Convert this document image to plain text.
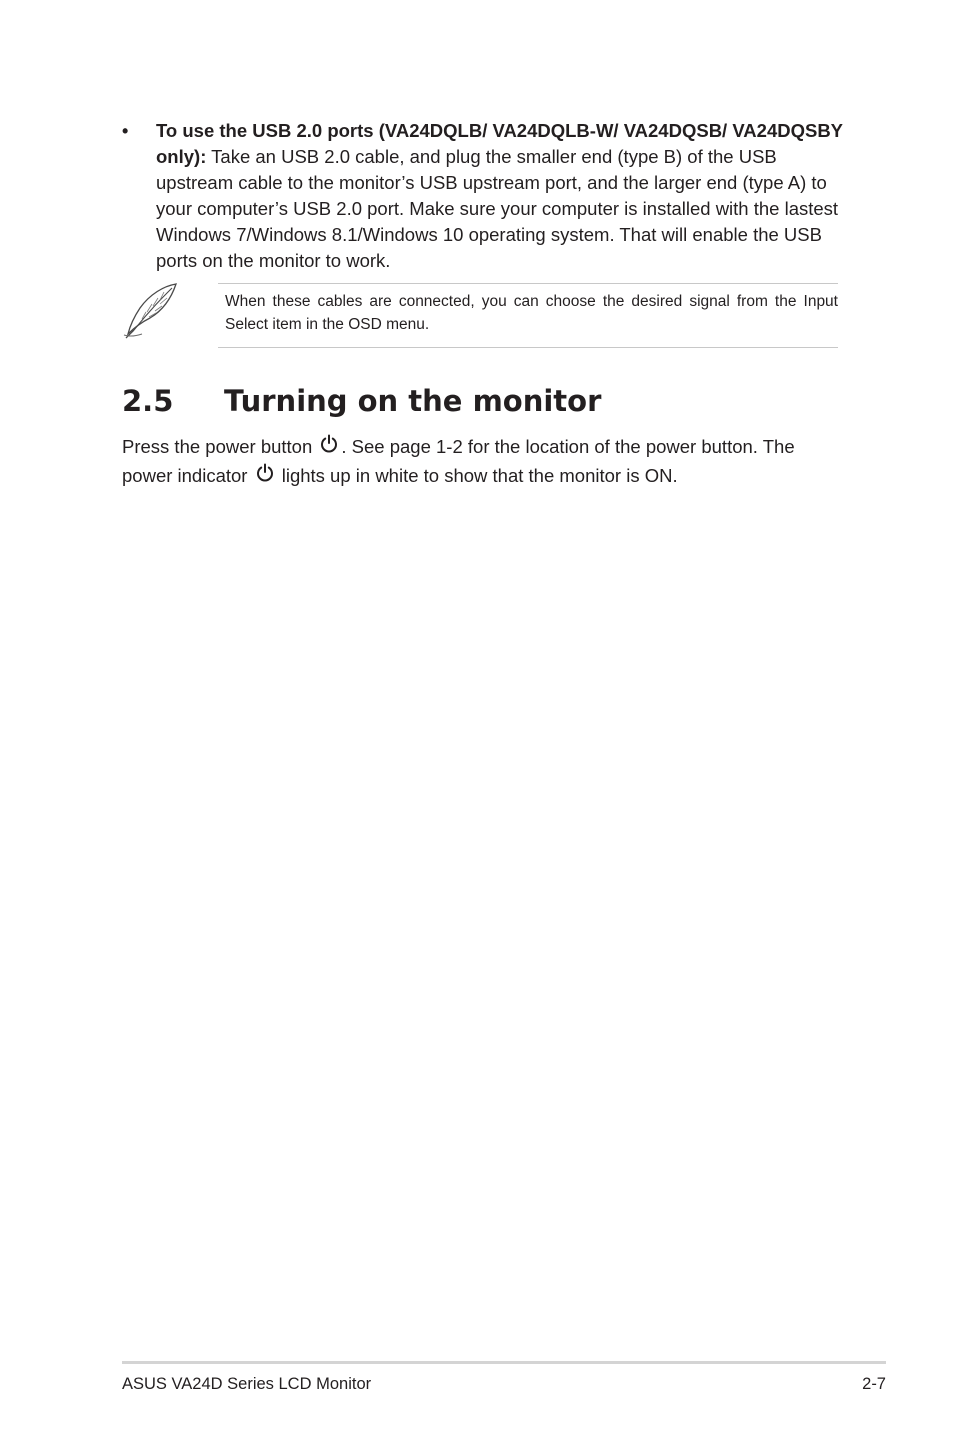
• To use the USB 2.0 ports (VA24DQLB/ VA24DQLB-W/ VA24DQSB/ VA24DQSBY only): Take an USB 2.0 cable, and plug the smaller end (type B) of the USB upstream cable to the monitor’s USB upstream port, and the larger end (type A) to your computer’s USB 2.0 port. Make sure your computer is installed with the lastest Windows 7/Windows 8.1/Windows 10 operating system. That will enable the USB ports on the monitor to work.
When these cables are connected, you can choose the desired signal from the Input Select item in the OSD menu.
2.5 Turning on the monitor
Press the power button . See page 1-2 for the location of the power button. The power indicator  lights up in white to show that the monitor is ON.
ASUS VA24D Series LCD Monitor	2-7
